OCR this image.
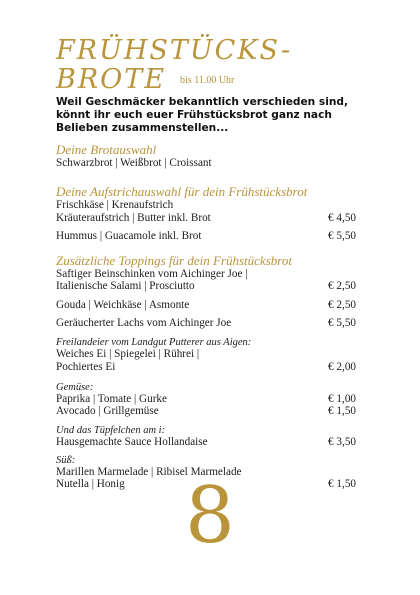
FRÜHSTÜCKS-
BROTE bis 11.00 Uhr
Weil Geschmäcker bekanntlich verschieden sind, könnt ihr euch euer Frühstücksbrot ganz nach Belieben zusammenstellen...
Deine Brotauswahl
Schwarzbrot | Weißbrot | Croissant
Deine Aufstrichauswahl für dein Frühstücksbrot
Frischkäse | Krenaufstrich
Kräuteraufstrich | Butter inkl. Brot	€ 4,50
Hummus | Guacamole inkl. Brot	€ 5,50
Zusätzliche Toppings für dein Frühstücksbrot
Saftiger Beinschinken vom Aichinger Joe |
Italienische Salami | Prosciutto	€ 2,50
Gouda | Weichkäse | Asmonte	€ 2,50
Geräucherter Lachs vom Aichinger Joe	€ 5,50
Freilandeier vom Landgut Putterer aus Aigen:
Weiches Ei | Spiegelei | Rührei |
Pochiertes Ei	€ 2,00
Gemüse:
Paprika | Tomate | Gurke	€ 1,00
Avocado | Grillgemüse	€ 1,50
Und das Tüpfelchen am i:
Hausgemachte Sauce Hollandaise	€ 3,50
Süß:
Marillen Marmelade | Ribisel Marmelade
Nutella | Honig	€ 1,50
8
